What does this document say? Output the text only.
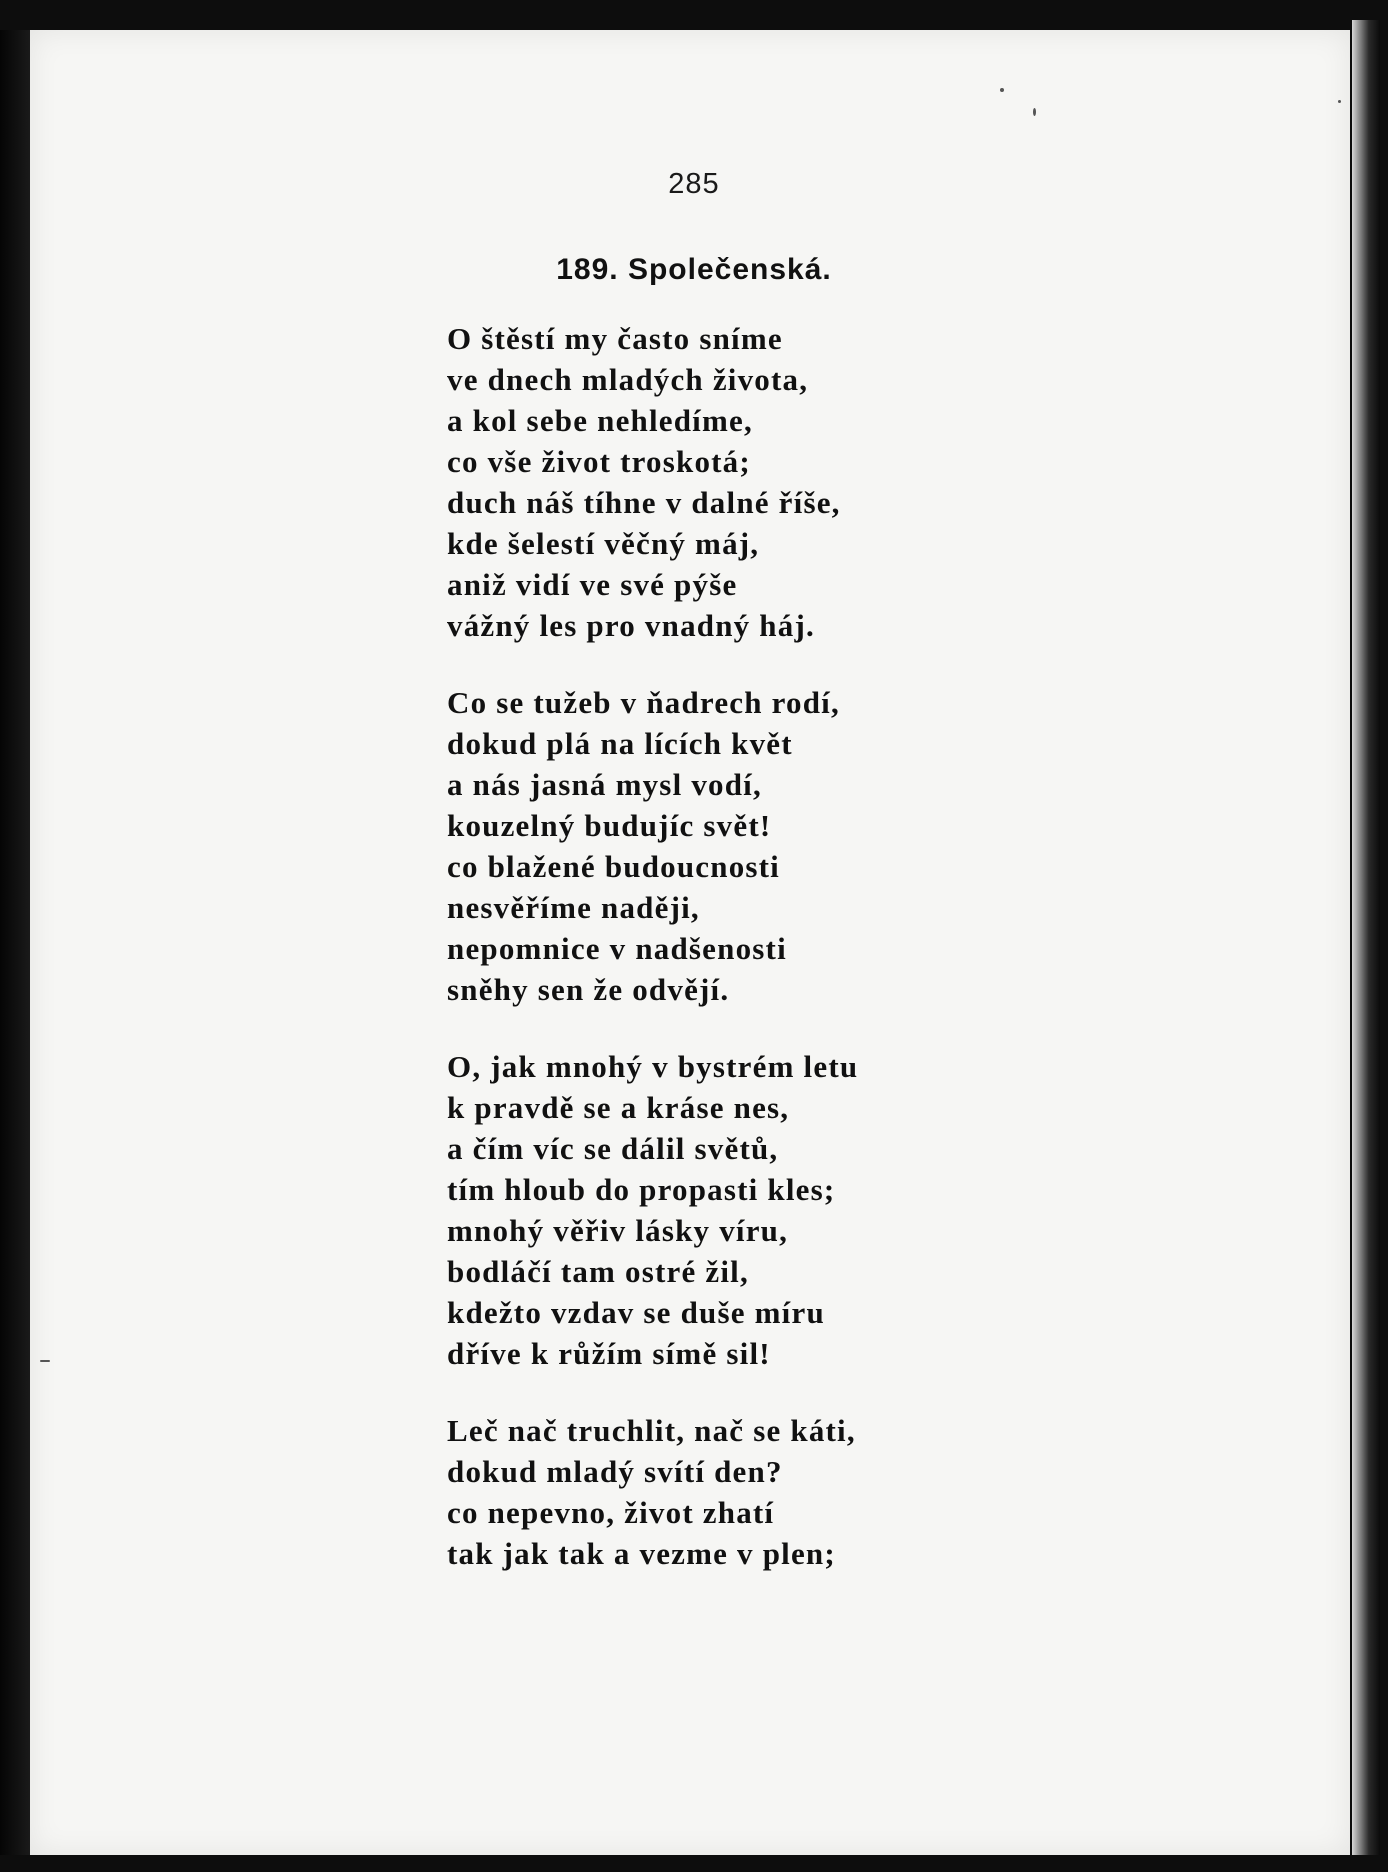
285
189. Společenská.
O štěstí my často sníme
ve dnech mladých života,
a kol sebe nehledíme,
co vše život troskotá;
duch náš tíhne v dalné říše,
kde šelestí věčný máj,
aniž vidí ve své pýše
vážný les pro vnadný háj.
Co se tužeb v ňadrech rodí,
dokud plá na lících květ
a nás jasná mysl vodí,
kouzelný budujíc svět!
co blažené budoucnosti
nesvěříme naději,
nepomnice v nadšenosti
sněhy sen že odvějí.
O, jak mnohý v bystrém letu
k pravdě se a kráse nes,
a čím víc se dálil světů,
tím hloub do propasti kles;
mnohý věřiv lásky víru,
bodláčí tam ostré žil,
kdežto vzdav se duše míru
dříve k růžím símě sil!
Leč nač truchlit, nač se káti,
dokud mladý svítí den?
co nepevno, život zhatí
tak jak tak a vezme v plen;
